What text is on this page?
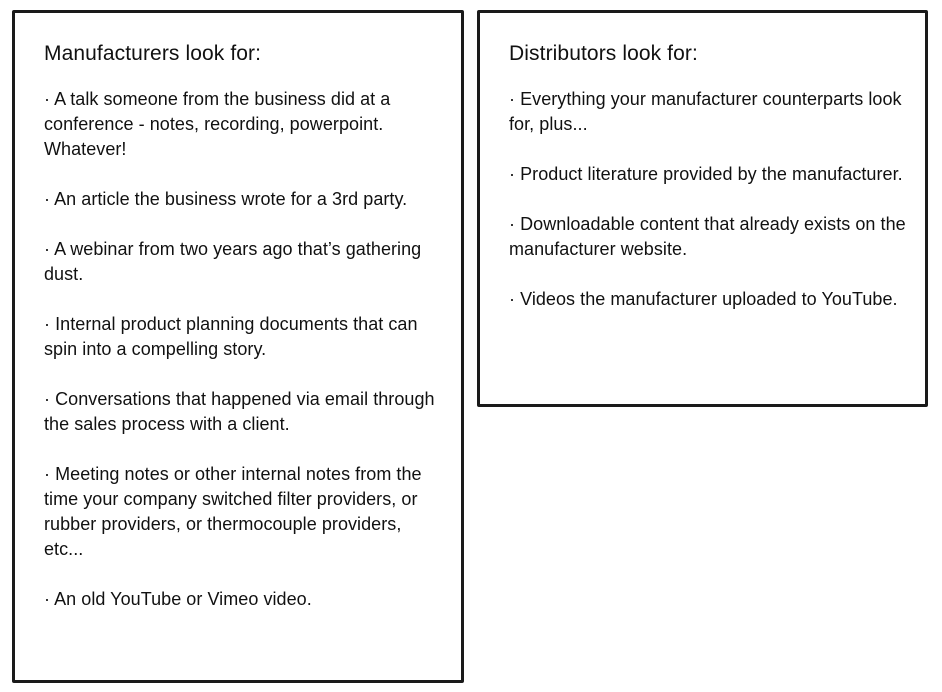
Manufacturers look for:
· A talk someone from the business did at a conference - notes, recording, powerpoint. Whatever!
· An article the business wrote for a 3rd party.
· A webinar from two years ago that’s gathering dust.
· Internal product planning documents that can spin into a compelling story.
· Conversations that happened via email through the sales process with a client.
· Meeting notes or other internal notes from the time your company switched filter providers, or rubber providers, or thermocouple providers, etc...
· An old YouTube or Vimeo video.
Distributors look for:
· Everything your manufacturer counterparts look for, plus...
· Product literature provided by the manufacturer.
· Downloadable content that already exists on the manufacturer website.
· Videos the manufacturer uploaded to YouTube.
